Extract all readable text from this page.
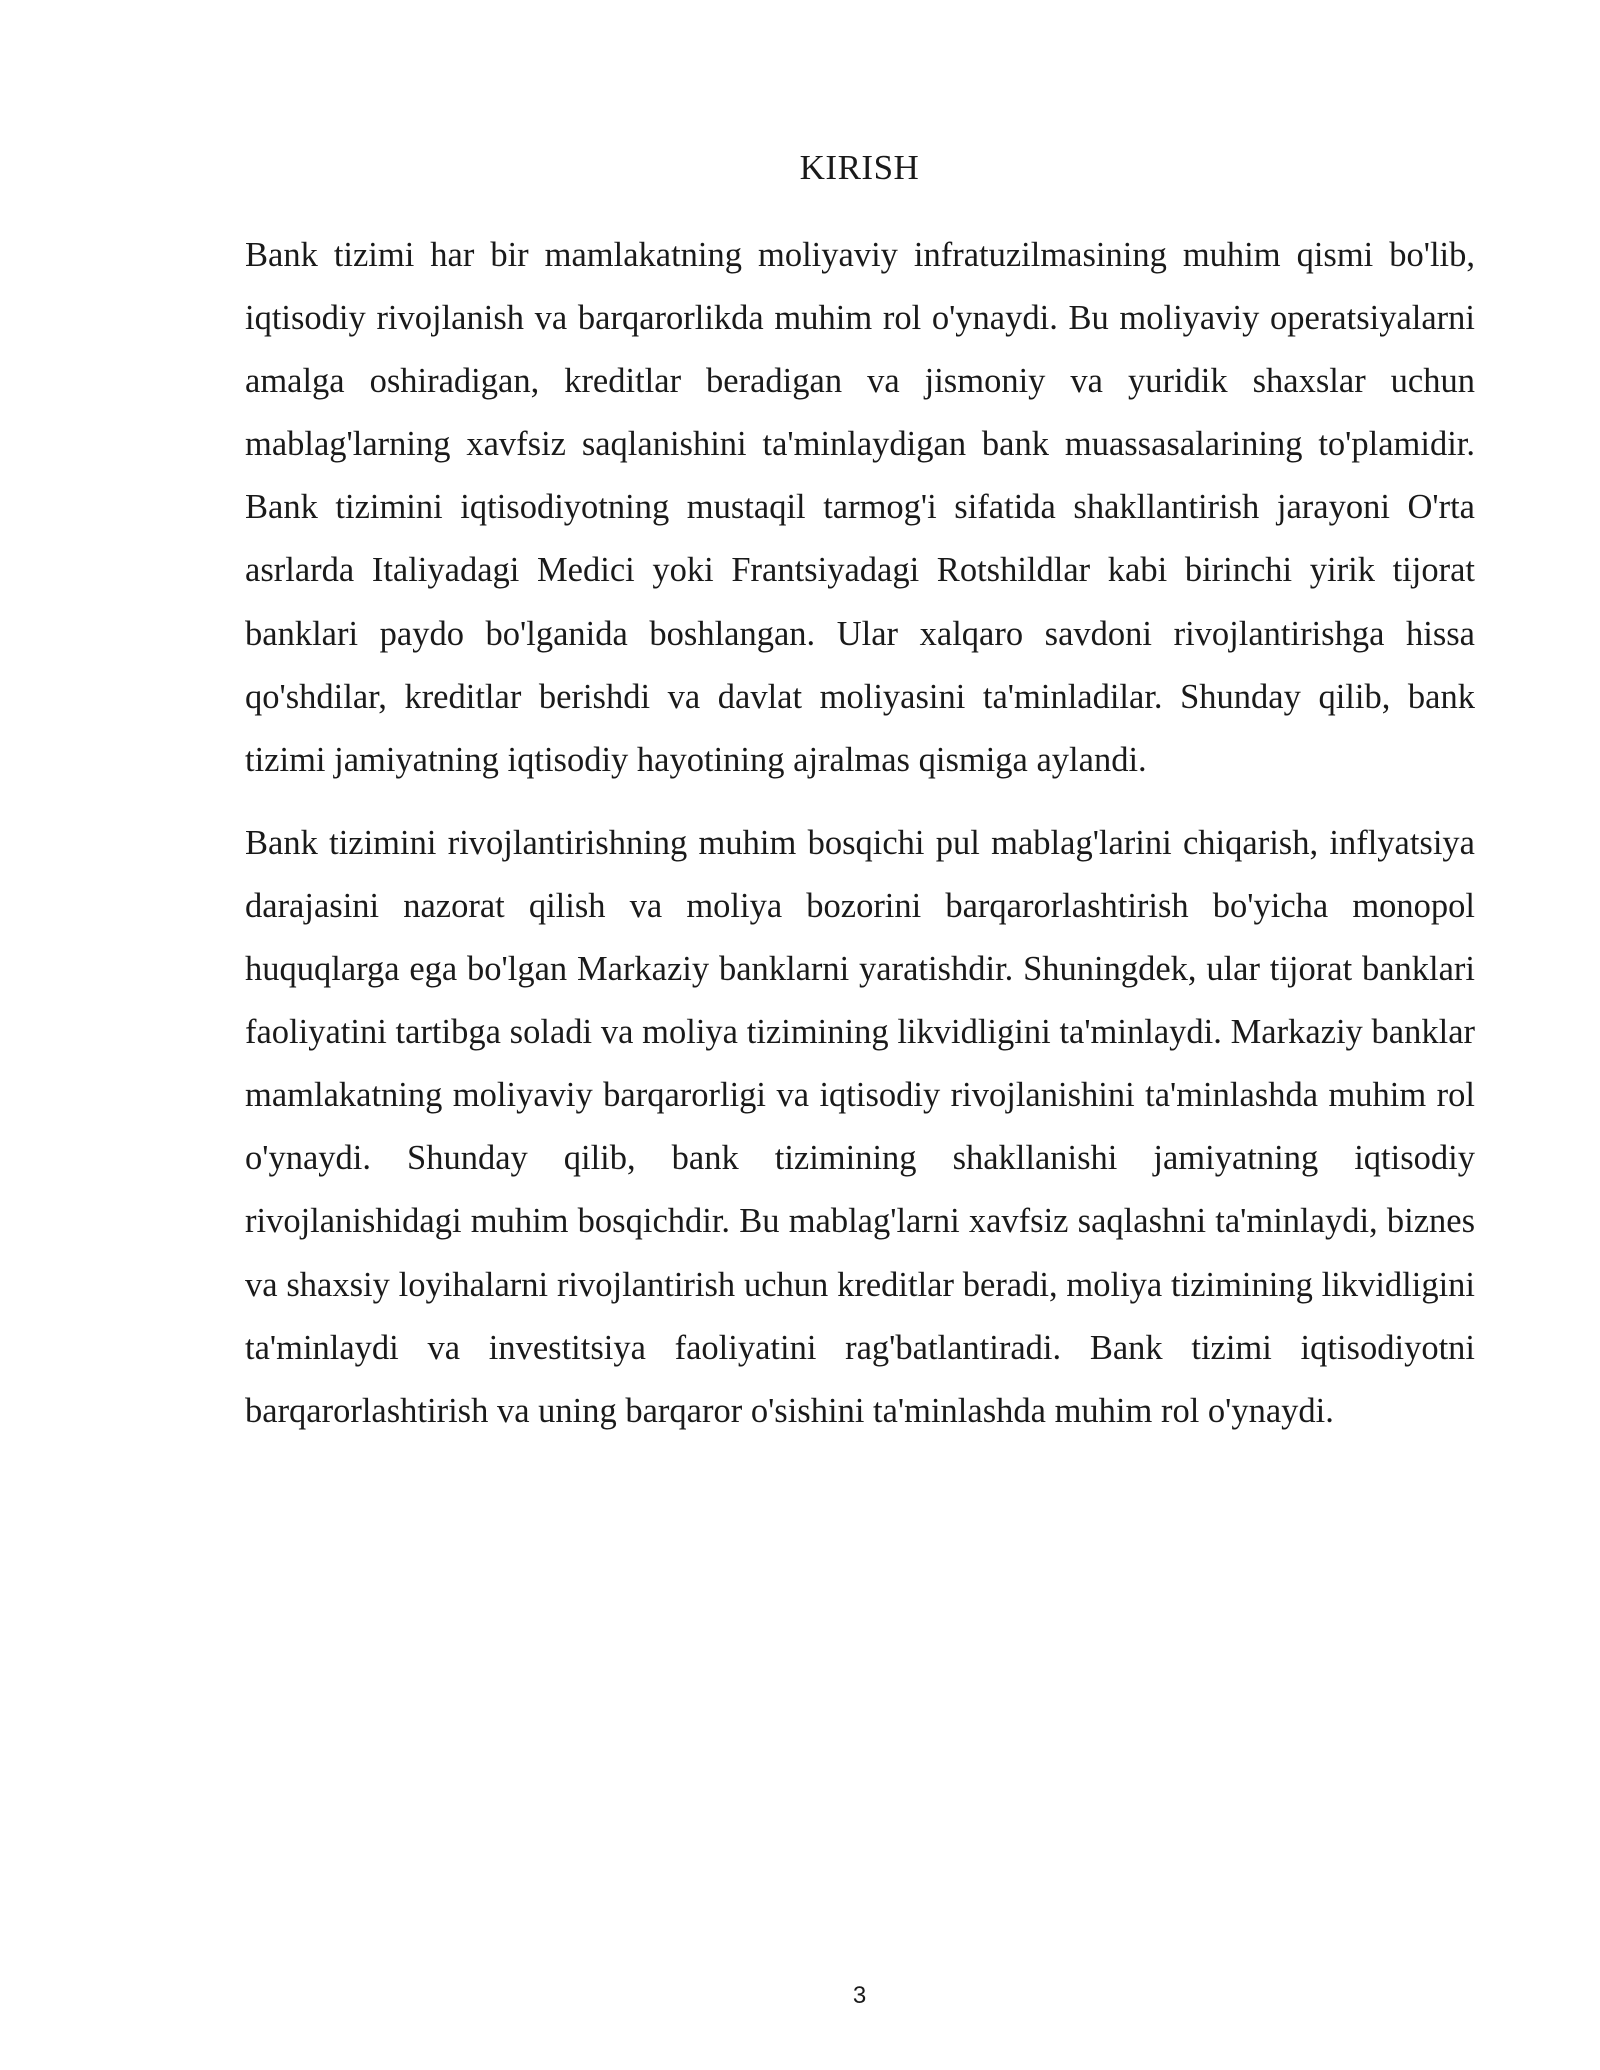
KIRISH

Bank tizimi har bir mamlakatning moliyaviy infratuzilmasining muhim qismi bo'lib, iqtisodiy rivojlanish va barqarorlikda muhim rol o'ynaydi. Bu moliyaviy operatsiyalarni amalga oshiradigan, kreditlar beradigan va jismoniy va yuridik shaxslar uchun mablag'larning xavfsiz saqlanishini ta'minlaydigan bank muassasalarining to'plamidir. Bank tizimini iqtisodiyotning mustaqil tarmog'i sifatida shakllantirish jarayoni O'rta asrlarda Italiyadagi Medici yoki Frantsiyadagi Rotshildlar kabi birinchi yirik tijorat banklari paydo bo'lganida boshlangan. Ular xalqaro savdoni rivojlantirishga hissa qo'shdilar, kreditlar berishdi va davlat moliyasini ta'minladilar. Shunday qilib, bank tizimi jamiyatning iqtisodiy hayotining ajralmas qismiga aylandi.

Bank tizimini rivojlantirishning muhim bosqichi pul mablag'larini chiqarish, inflyatsiya darajasini nazorat qilish va moliya bozorini barqarorlashtirish bo'yicha monopol huquqlarga ega bo'lgan Markaziy banklarni yaratishdir. Shuningdek, ular tijorat banklari faoliyatini tartibga soladi va moliya tizimining likvidligini ta'minlaydi. Markaziy banklar mamlakatning moliyaviy barqarorligi va iqtisodiy rivojlanishini ta'minlashda muhim rol o'ynaydi. Shunday qilib, bank tizimining shakllanishi jamiyatning iqtisodiy rivojlanishidagi muhim bosqichdir. Bu mablag'larni xavfsiz saqlashni ta'minlaydi, biznes va shaxsiy loyihalarni rivojlantirish uchun kreditlar beradi, moliya tizimining likvidligini ta'minlaydi va investitsiya faoliyatini rag'batlantiradi. Bank tizimi iqtisodiyotni barqarorlashtirish va uning barqaror o'sishini ta'minlashda muhim rol o'ynaydi.

3
